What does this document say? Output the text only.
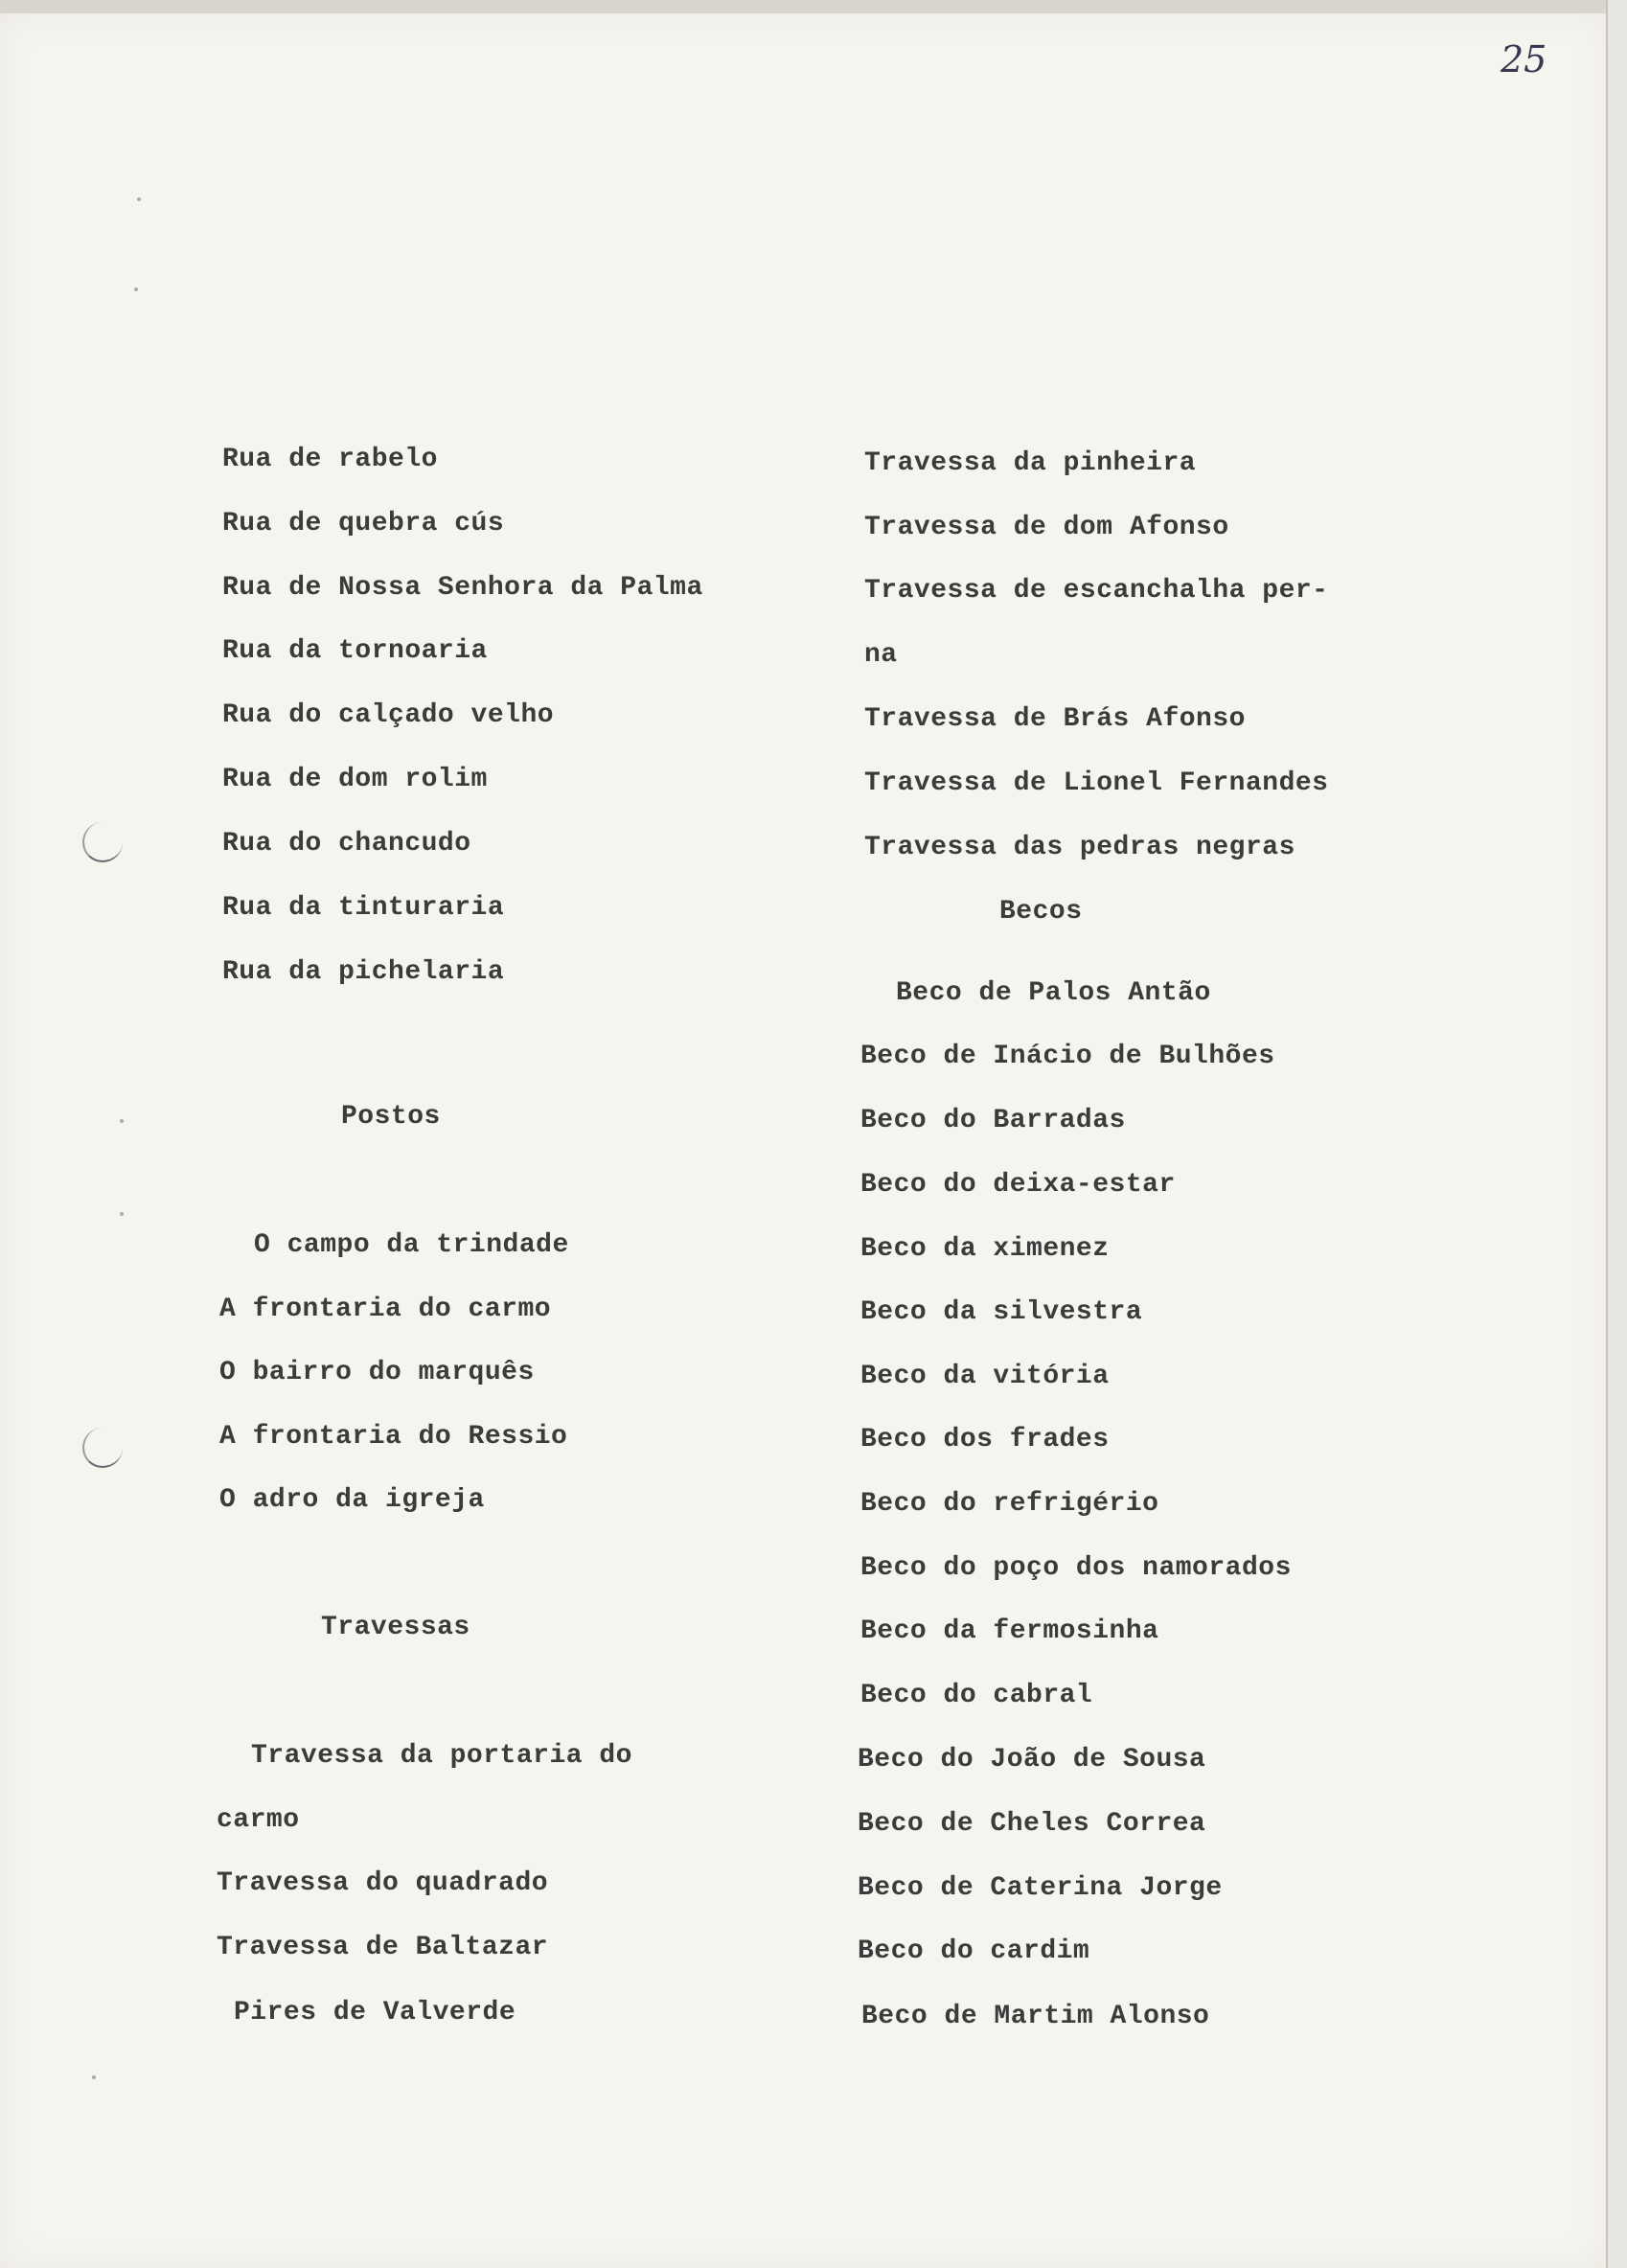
25
Rua de rabelo
Rua de quebra cús
Rua de Nossa Senhora da Palma
Rua da tornoaria
Rua do calçado velho
Rua de dom rolim
Rua do chancudo
Rua da tinturaria
Rua da pichelaria
Postos
O campo da trindade
A frontaria do carmo
O bairro do marquês
A frontaria do Ressio
O adro da igreja
Travessas
Travessa da portaria do
carmo
Travessa do quadrado
Travessa de Baltazar
Pires de Valverde
Travessa da pinheira
Travessa de dom Afonso
Travessa de escanchalha per-
na
Travessa de Brás Afonso
Travessa de Lionel Fernandes
Travessa das pedras negras
Becos
Beco de Palos Antão
Beco de Inácio de Bulhões
Beco do Barradas
Beco do deixa-estar
Beco da ximenez
Beco da silvestra
Beco da vitória
Beco dos frades
Beco do refrigério
Beco do poço dos namorados
Beco da fermosinha
Beco do cabral
Beco do João de Sousa
Beco de Cheles Correa
Beco de Caterina Jorge
Beco do cardim
Beco de Martim Alonso
